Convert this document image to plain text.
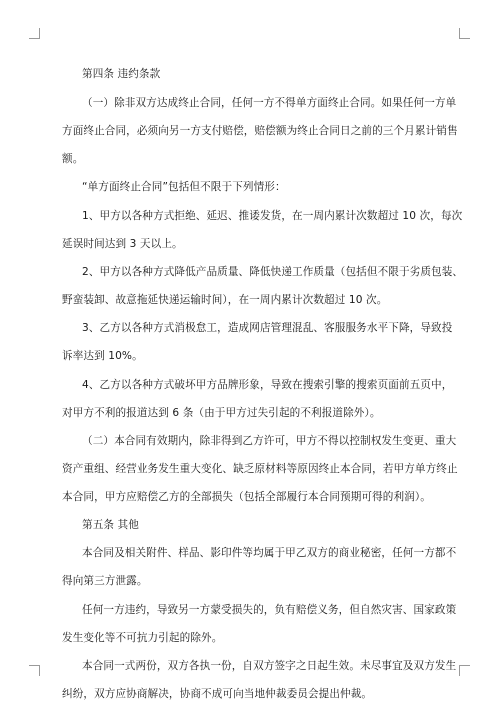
第四条 违约条款
（一）除非双方达成终止合同，任何一方不得单方面终止合同。如果任何一方单
方面终止合同，必须向另一方支付赔偿，赔偿额为终止合同日之前的三个月累计销售
额。
“单方面终止合同”包括但不限于下列情形：
1、甲方以各种方式拒绝、延迟、推诿发货，在一周内累计次数超过 10 次，每次
延误时间达到 3 天以上。
2、甲方以各种方式降低产品质量、降低快递工作质量（包括但不限于劣质包装、
野蛮装卸、故意拖延快递运输时间），在一周内累计次数超过 10 次。
3、乙方以各种方式消极怠工，造成网店管理混乱、客服服务水平下降，导致投
诉率达到 10%。
4、乙方以各种方式破坏甲方品牌形象，导致在搜索引擎的搜索页面前五页中，
对甲方不利的报道达到 6 条（由于甲方过失引起的不利报道除外）。
（二）本合同有效期内，除非得到乙方许可，甲方不得以控制权发生变更、重大
资产重组、经营业务发生重大变化、缺乏原材料等原因终止本合同，若甲方单方终止
本合同，甲方应赔偿乙方的全部损失（包括全部履行本合同预期可得的利润）。
第五条 其他
本合同及相关附件、样品、影印件等均属于甲乙双方的商业秘密，任何一方都不
得向第三方泄露。
任何一方违约，导致另一方蒙受损失的，负有赔偿义务，但自然灾害、国家政策
发生变化等不可抗力引起的除外。
本合同一式两份，双方各执一份，自双方签字之日起生效。未尽事宜及双方发生
纠纷，双方应协商解决，协商不成可向当地仲裁委员会提出仲裁。
